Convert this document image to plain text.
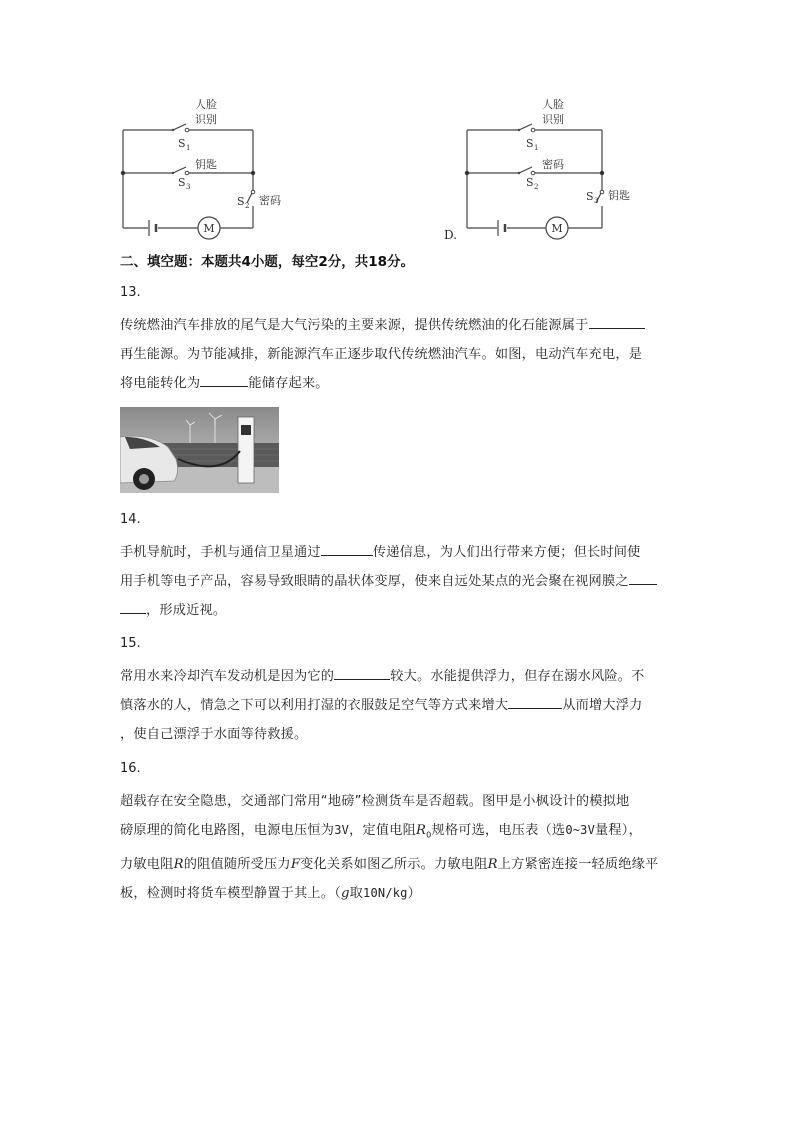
M
人脸
识别
S 1
钥匙
S 3
密码
S 2
D.	M
人脸
识别
S 1
密码
S 2
钥匙
S 3
二、填空题：本题共4小题，每空2分，共18分。
13.
传统燃油汽车排放的尾气是大气污染的主要来源，提供传统燃油的化石能源属于
再生能源。为节能减排，新能源汽车正逐步取代传统燃油汽车。如图，电动汽车充电，是
将电能转化为	能储存起来。
14.
手机导航时，手机与通信卫星通过	传递信息，为人们出行带来方便；但长时间使
用手机等电子产品，容易导致眼睛的晶状体变厚，使来自远处某点的光会聚在视网膜之
，形成近视。
15.
常用水来冷却汽车发动机是因为它的	较大。水能提供浮力，但存在溺水风险。不
慎落水的人，情急之下可以利用打湿的衣服鼓足空气等方式来增大	从而增大浮力
，使自己漂浮于水面等待救援。
16.
超载存在安全隐患，交通部门常用“地磅”检测货车是否超载。图甲是小枫设计的模拟地
磅原理的简化电路图，电源电压恒为3V，定值电阻$R_0$规格可选，电压表（选0~3V量程），
力敏电阻R的阻值随所受压力F变化关系如图乙所示。力敏电阻R上方紧密连接一轻质绝缘平
板，检测时将货车模型静置于其上。（g取10N/kg）
